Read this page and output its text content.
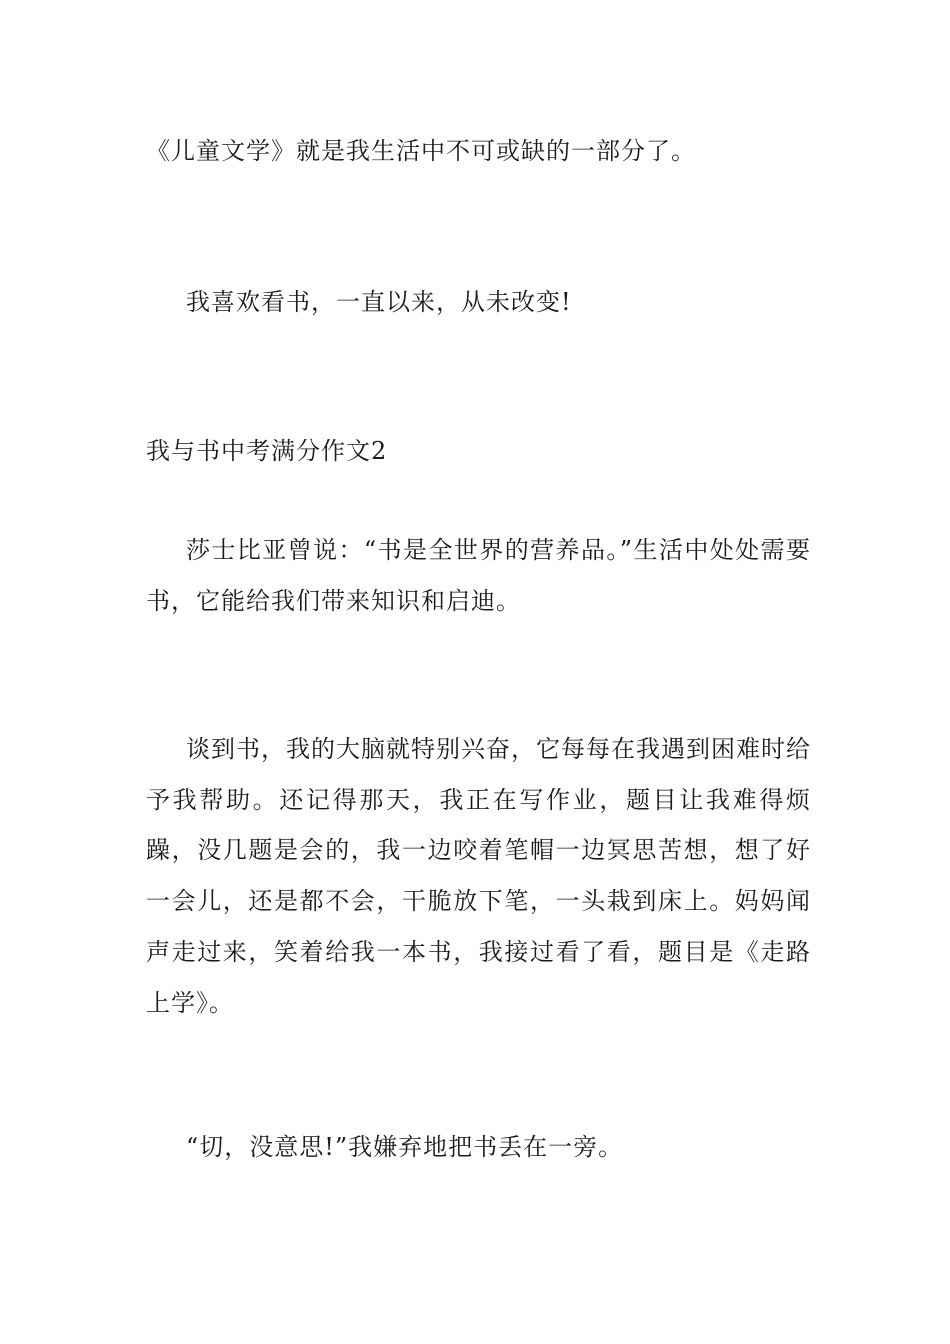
《儿童文学》就是我生活中不可或缺的一部分了。
我喜欢看书，一直以来，从未改变!
我与书中考满分作文2
莎士比亚曾说：“书是全世界的营养品。”生活中处处需要书，它能给我们带来知识和启迪。
谈到书，我的大脑就特别兴奋，它每每在我遇到困难时给予我帮助。还记得那天，我正在写作业，题目让我难得烦躁，没几题是会的，我一边咬着笔帽一边冥思苦想，想了好一会儿，还是都不会，干脆放下笔，一头栽到床上。妈妈闻声走过来，笑着给我一本书，我接过看了看，题目是《走路上学》。
“切，没意思!”我嫌弃地把书丢在一旁。
